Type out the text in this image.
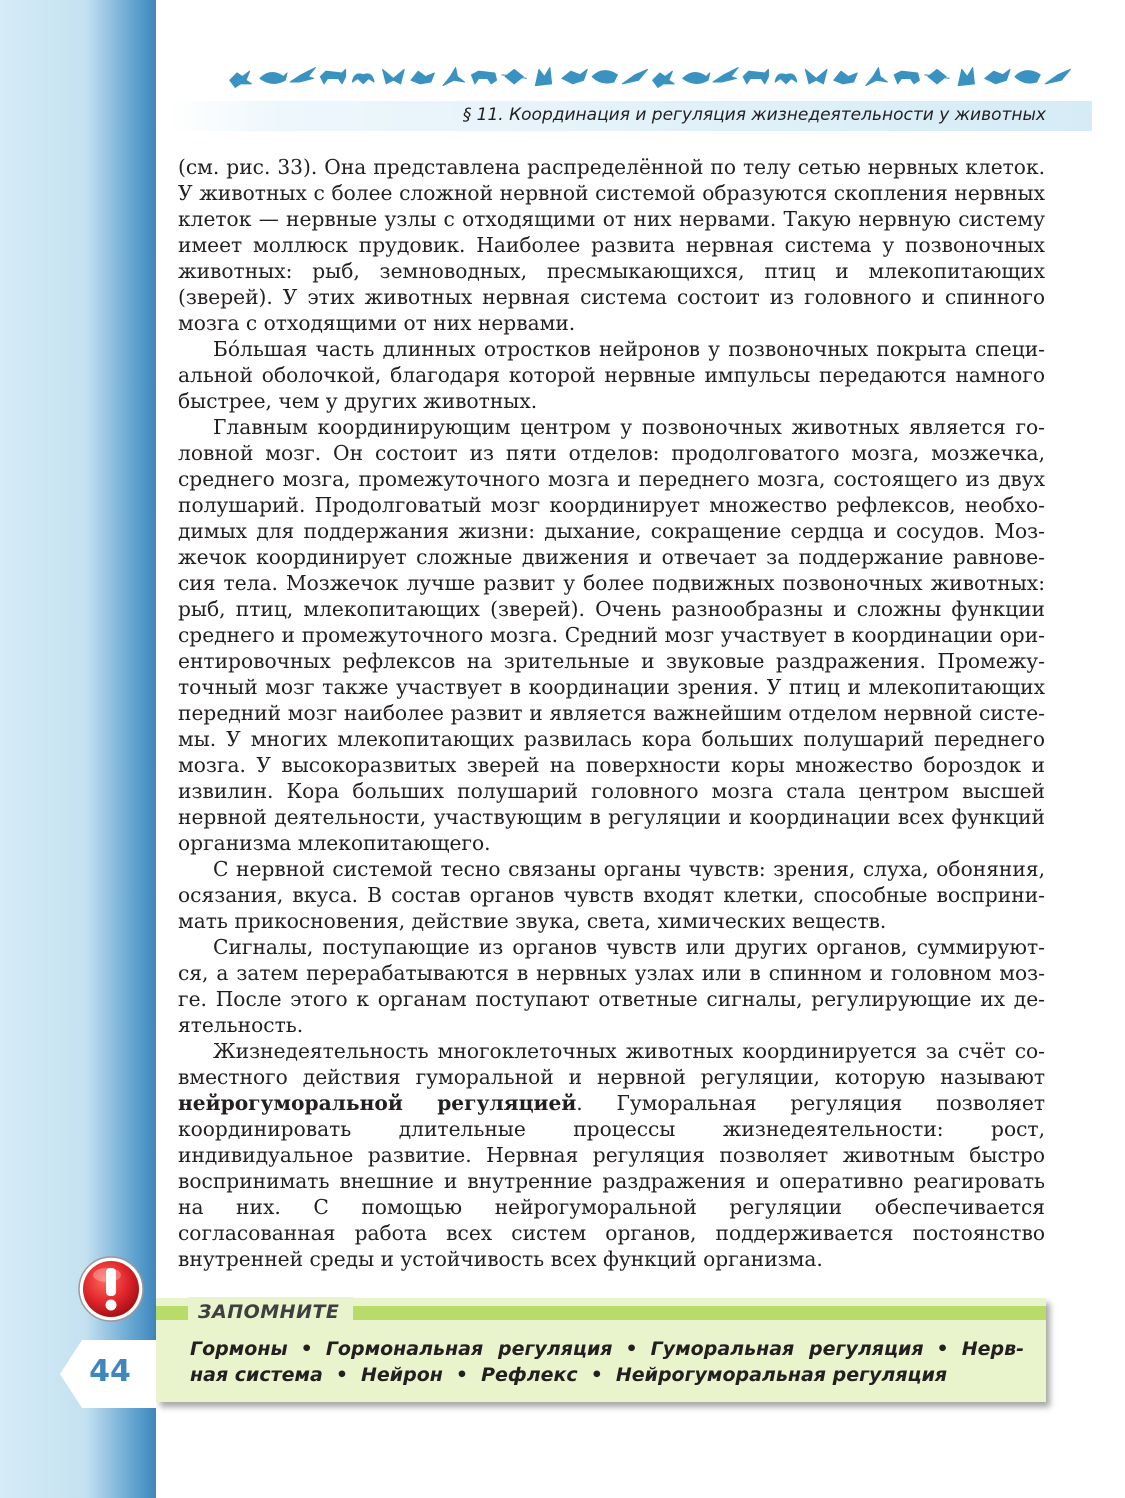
§ 11. Координация и регуляция жизнедеятельности у животных

(см. рис. 33). Она представлена распределённой по телу сетью нервных клеток. У животных с более сложной нервной системой образуются скопления нервных клеток — нервные узлы с отходящими от них нервами. Такую нервную систему имеет моллюск прудовик. Наиболее развита нервная система у позвоночных животных: рыб, земноводных, пресмыкающихся, птиц и млекопитающих (зверей). У этих животных нервная система состоит из головного и спинного мозга с отходящими от них нервами.

Бо́льшая часть длинных отростков нейронов у позвоночных покрыта специальной оболочкой, благодаря которой нервные импульсы передаются намного быстрее, чем у других животных.

Главным координирующим центром у позвоночных животных является головной мозг. Он состоит из пяти отделов: продолговатого мозга, мозжечка, среднего мозга, промежуточного мозга и переднего мозга, состоящего из двух полушарий. Продолговатый мозг координирует множество рефлексов, необходимых для поддержания жизни: дыхание, сокращение сердца и сосудов. Мозжечок координирует сложные движения и отвечает за поддержание равновесия тела. Мозжечок лучше развит у более подвижных позвоночных животных: рыб, птиц, млекопитающих (зверей). Очень разнообразны и сложны функции среднего и промежуточного мозга. Средний мозг участвует в координации ориентировочных рефлексов на зрительные и звуковые раздражения. Промежуточный мозг также участвует в координации зрения. У птиц и млекопитающих передний мозг наиболее развит и является важнейшим отделом нервной системы. У многих млекопитающих развилась кора больших полушарий переднего мозга. У высокоразвитых зверей на поверхности коры множество бороздок и извилин. Кора больших полушарий головного мозга стала центром высшей нервной деятельности, участвующим в регуляции и координации всех функций организма млекопитающего.

С нервной системой тесно связаны органы чувств: зрения, слуха, обоняния, осязания, вкуса. В состав органов чувств входят клетки, способные воспринимать прикосновения, действие звука, света, химических веществ.

Сигналы, поступающие из органов чувств или других органов, суммируются, а затем перерабатываются в нервных узлах или в спинном и головном мозге. После этого к органам поступают ответные сигналы, регулирующие их деятельность.

Жизнедеятельность многоклеточных животных координируется за счёт совместного действия гуморальной и нервной регуляции, которую называют нейрогуморальной регуляцией. Гуморальная регуляция позволяет координировать длительные процессы жизнедеятельности: рост, индивидуальное развитие. Нервная регуляция позволяет животным быстро воспринимать внешние и внутренние раздражения и оперативно реагировать на них. С помощью нейрогуморальной регуляции обеспечивается согласованная работа всех систем органов, поддерживается постоянство внутренней среды и устойчивость всех функций организма.

ЗАПОМНИТЕ
Гормоны • Гормональная регуляция • Гуморальная регуляция • Нервная система • Нейрон • Рефлекс • Нейрогуморальная регуляция
44
